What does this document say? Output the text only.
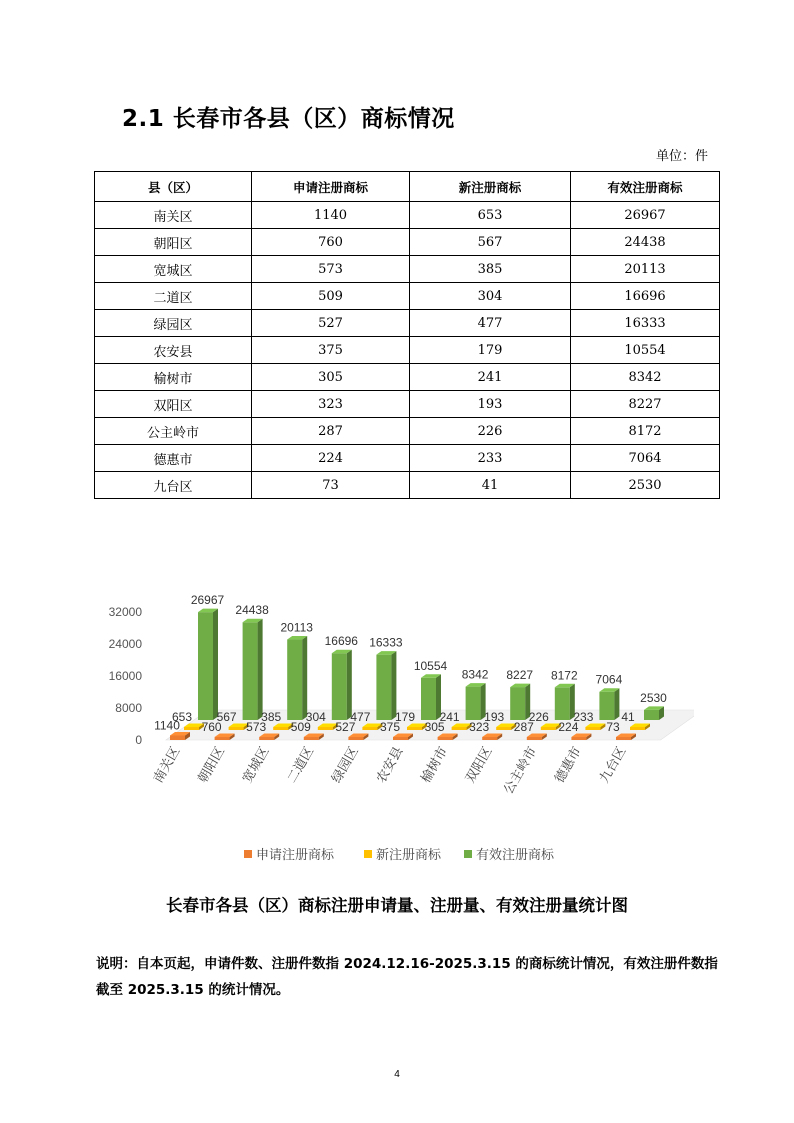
2.1 长春市各县（区）商标情况
单位：件
县（区）	申请注册商标	新注册商标	有效注册商标
南关区	1140	653	26967
朝阳区	760	567	24438
宽城区	573	385	20113
二道区	509	304	16696
绿园区	527	477	16333
农安县	375	179	10554
榆树市	305	241	8342
双阳区	323	193	8227
公主岭市	287	226	8172
德惠市	224	233	7064
九台区	73	41	2530
0
8000
16000
24000
32000
26967
24438
20113
16696 16333
10554
8342 8227 8172 7064
2530
653 567 385 304 477 179 241 193 226 233 41
1140 760 573 509 527 375 305 323 287 224 73
南关区 朝阳区 宽城区 二道区 绿园区 农安县 榆树市 双阳区 公主岭市 德惠市 九台区
申请注册商标	新注册商标	有效注册商标
长春市各县（区）商标注册申请量、注册量、有效注册量统计图
说明：自本页起，申请件数、注册件数指 2024.12.16-2025.3.15 的商标统计情况，有效注册件数指截至 2025.3.15 的统计情况。
4
